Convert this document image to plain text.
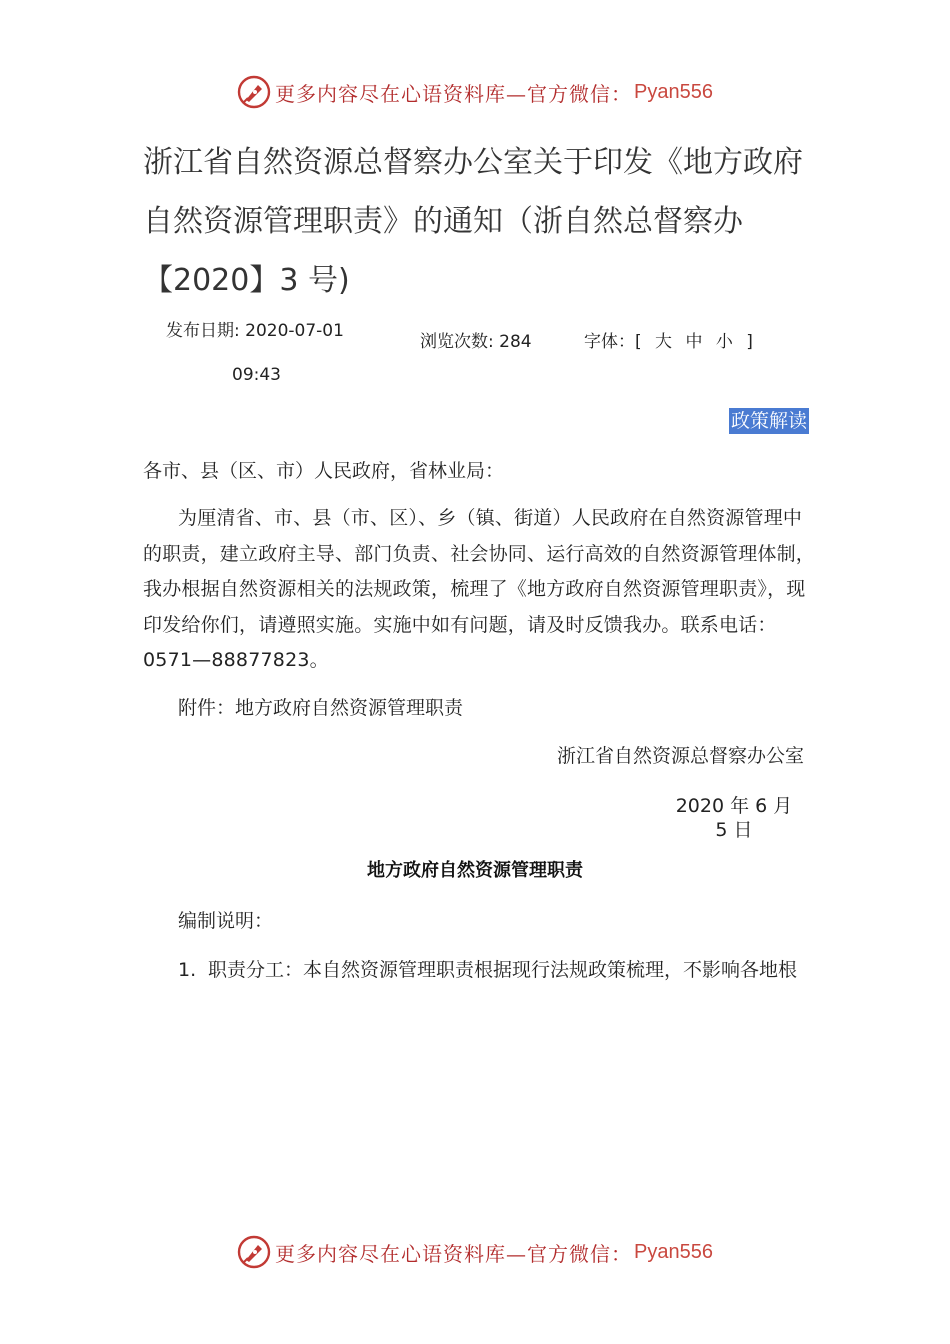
更多内容尽在心语资料库—官方微信： Pyan556
浙江省自然资源总督察办公室关于印发《地方政府自然资源管理职责》的通知（浙自然总督察办【2020】3 号)
发布日期: 2020-07-01
09:43
浏览次数: 284	字体：[ 大 中 小 ]
政策解读

各市、县（区、市）人民政府，省林业局：

为厘清省、市、县（市、区）、乡（镇、街道）人民政府在自然资源管理中的职责，建立政府主导、部门负责、社会协同、运行高效的自然资源管理体制，我办根据自然资源相关的法规政策，梳理了《地方政府自然资源管理职责》，现印发给你们，请遵照实施。实施中如有问题，请及时反馈我办。联系电话：0571—88877823。

附件：地方政府自然资源管理职责

浙江省自然资源总督察办公室

2020 年 6 月 5 日

地方政府自然资源管理职责

编制说明：

1. 职责分工：本自然资源管理职责根据现行法规政策梳理，不影响各地根

更多内容尽在心语资料库—官方微信： Pyan556
